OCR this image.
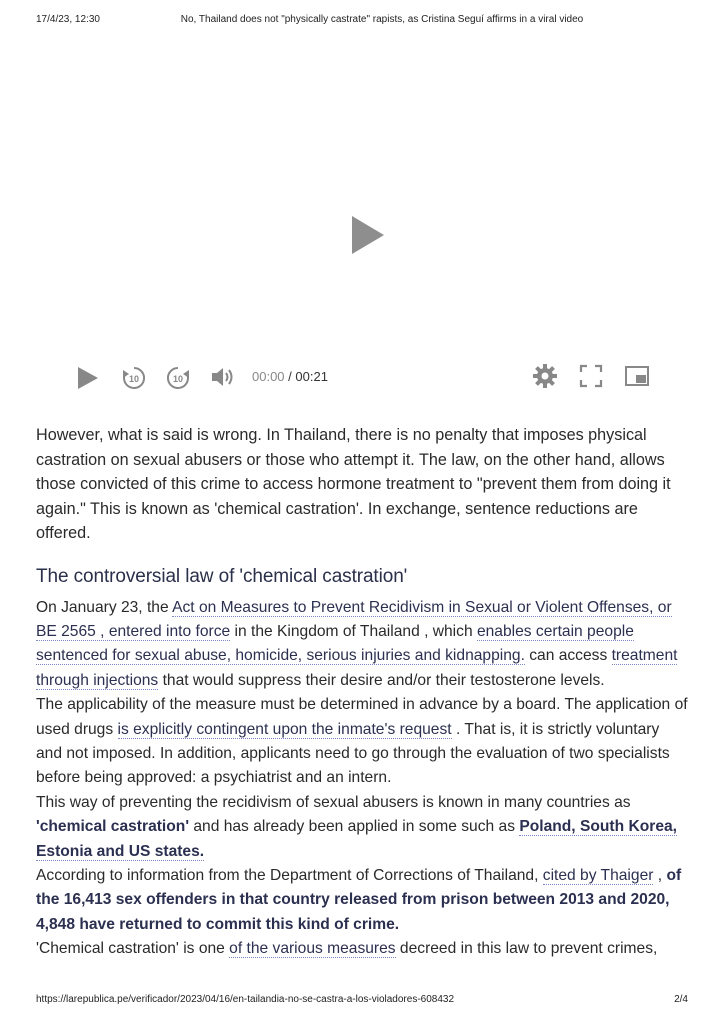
17/4/23, 12:30	No, Thailand does not "physically castrate" rapists, as Cristina Seguí affirms in a viral video
10	10	00:00 / 00:21

However, what is said is wrong. In Thailand, there is no penalty that imposes physical castration on sexual abusers or those who attempt it. The law, on the other hand, allows those convicted of this crime to access hormone treatment to "prevent them from doing it again." This is known as 'chemical castration'. In exchange, sentence reductions are offered.

The controversial law of 'chemical castration'

On January 23, the Act on Measures to Prevent Recidivism in Sexual or Violent Offenses, or BE 2565 , entered into force in the Kingdom of Thailand , which enables certain people sentenced for sexual abuse, homicide, serious injuries and kidnapping. can access treatment through injections that would suppress their desire and/or their testosterone levels.

The applicability of the measure must be determined in advance by a board. The application of used drugs is explicitly contingent upon the inmate's request . That is, it is strictly voluntary and not imposed. In addition, applicants need to go through the evaluation of two specialists before being approved: a psychiatrist and an intern.

This way of preventing the recidivism of sexual abusers is known in many countries as 'chemical castration' and has already been applied in some such as Poland, South Korea, Estonia and US states.

According to information from the Department of Corrections of Thailand, cited by Thaiger , of the 16,413 sex offenders in that country released from prison between 2013 and 2020, 4,848 have returned to commit this kind of crime.

'Chemical castration' is one of the various measures decreed in this law to prevent crimes,

https://larepublica.pe/verificador/2023/04/16/en-tailandia-no-se-castra-a-los-violadores-608432	2/4
